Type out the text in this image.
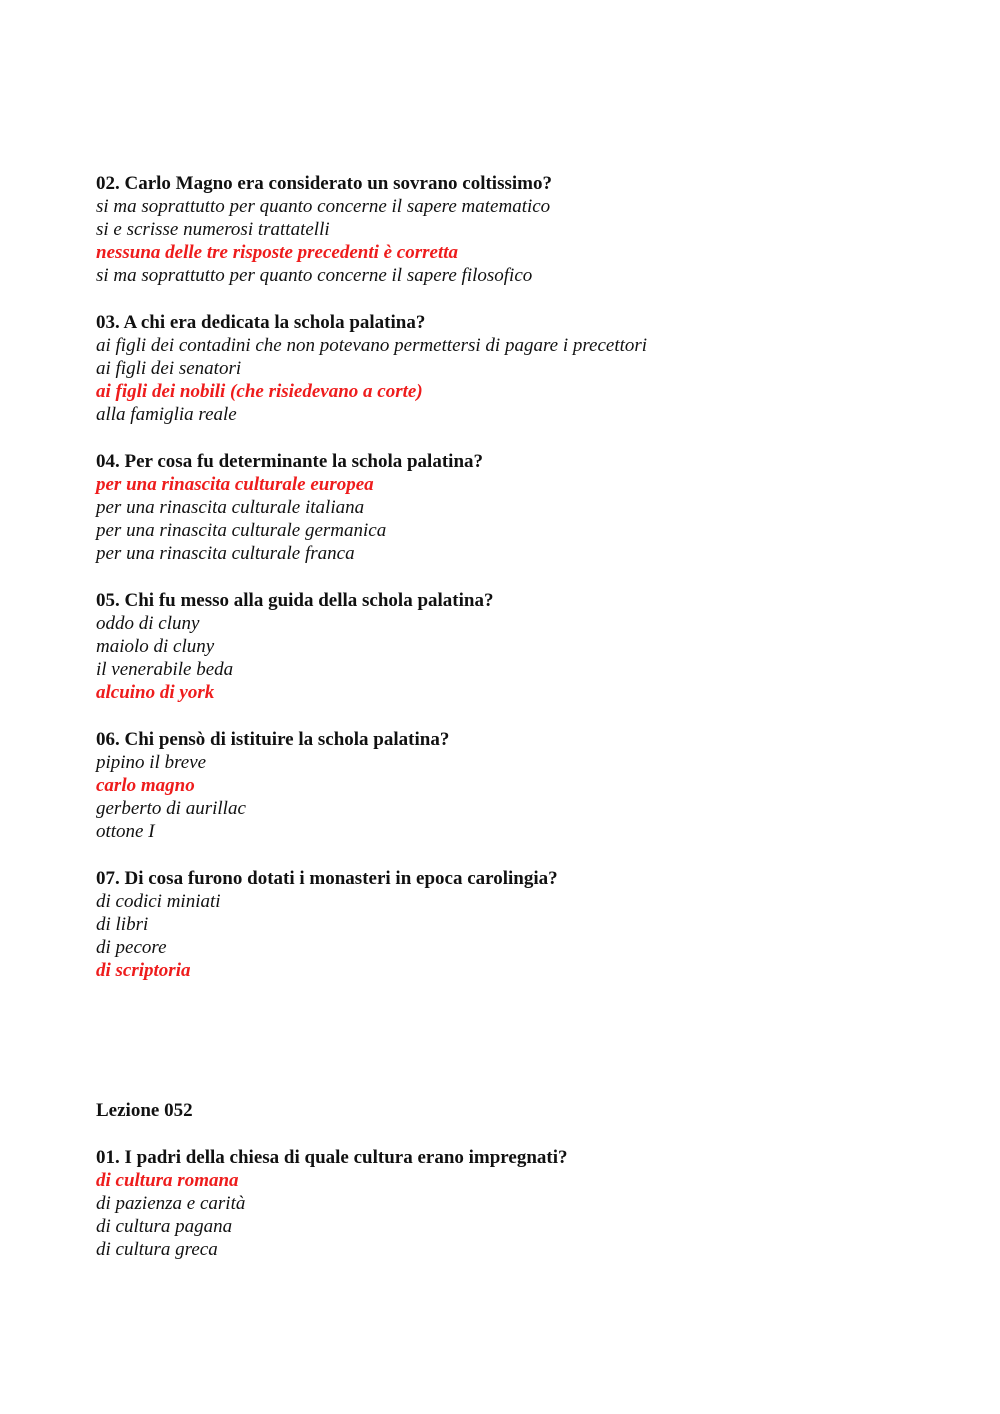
02. Carlo Magno era considerato un sovrano coltissimo?
si ma soprattutto per quanto concerne il sapere matematico
si e scrisse numerosi trattatelli
nessuna delle tre risposte precedenti è corretta
si ma soprattutto per quanto concerne il sapere filosofico
03. A chi era dedicata la schola palatina?
ai figli dei contadini che non potevano permettersi di pagare i precettori
ai figli dei senatori
ai figli dei nobili (che risiedevano a corte)
alla famiglia reale
04. Per cosa fu determinante la schola palatina?
per una rinascita culturale europea
per una rinascita culturale italiana
per una rinascita culturale germanica
per una rinascita culturale franca
05. Chi fu messo alla guida della schola palatina?
oddo di cluny
maiolo di cluny
il venerabile beda
alcuino di york
06. Chi pensò di istituire la schola palatina?
pipino il breve
carlo magno
gerberto di aurillac
ottone I
07. Di cosa furono dotati i monasteri in epoca carolingia?
di codici miniati
di libri
di pecore
di scriptoria
Lezione 052
01. I padri della chiesa di quale cultura erano impregnati?
di cultura romana
di pazienza e carità
di cultura pagana
di cultura greca
